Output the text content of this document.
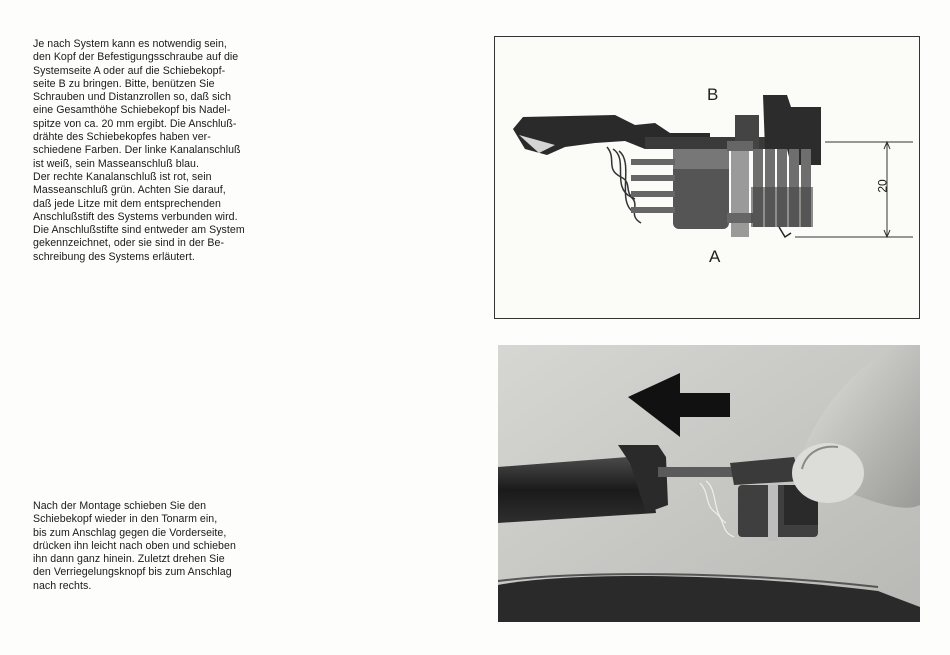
Je nach System kann es notwendig sein,
den Kopf der Befestigungsschraube auf die
Systemseite A oder auf die Schiebekopf-
seite B zu bringen. Bitte, benützen Sie
Schrauben und Distanzrollen so, daß sich
eine Gesamthöhe Schiebekopf bis Nadel-
spitze von ca. 20 mm ergibt. Die Anschluß-
drähte des Schiebekopfes haben ver-
schiedene Farben. Der linke Kanalanschluß
ist weiß, sein Masseanschluß blau.
Der rechte Kanalanschluß ist rot, sein
Masseanschluß grün. Achten Sie darauf,
daß jede Litze mit dem entsprechenden
Anschlußstift des Systems verbunden wird.
Die Anschlußstifte sind entweder am System
gekennzeichnet, oder sie sind in der Be-
schreibung des Systems erläutert.
Nach der Montage schieben Sie den
Schiebekopf wieder in den Tonarm ein,
bis zum Anschlag gegen die Vorderseite,
drücken ihn leicht nach oben und schieben
ihn dann ganz hinein. Zuletzt drehen Sie
den Verriegelungsknopf bis zum Anschlag
nach rechts.
B
A
20
